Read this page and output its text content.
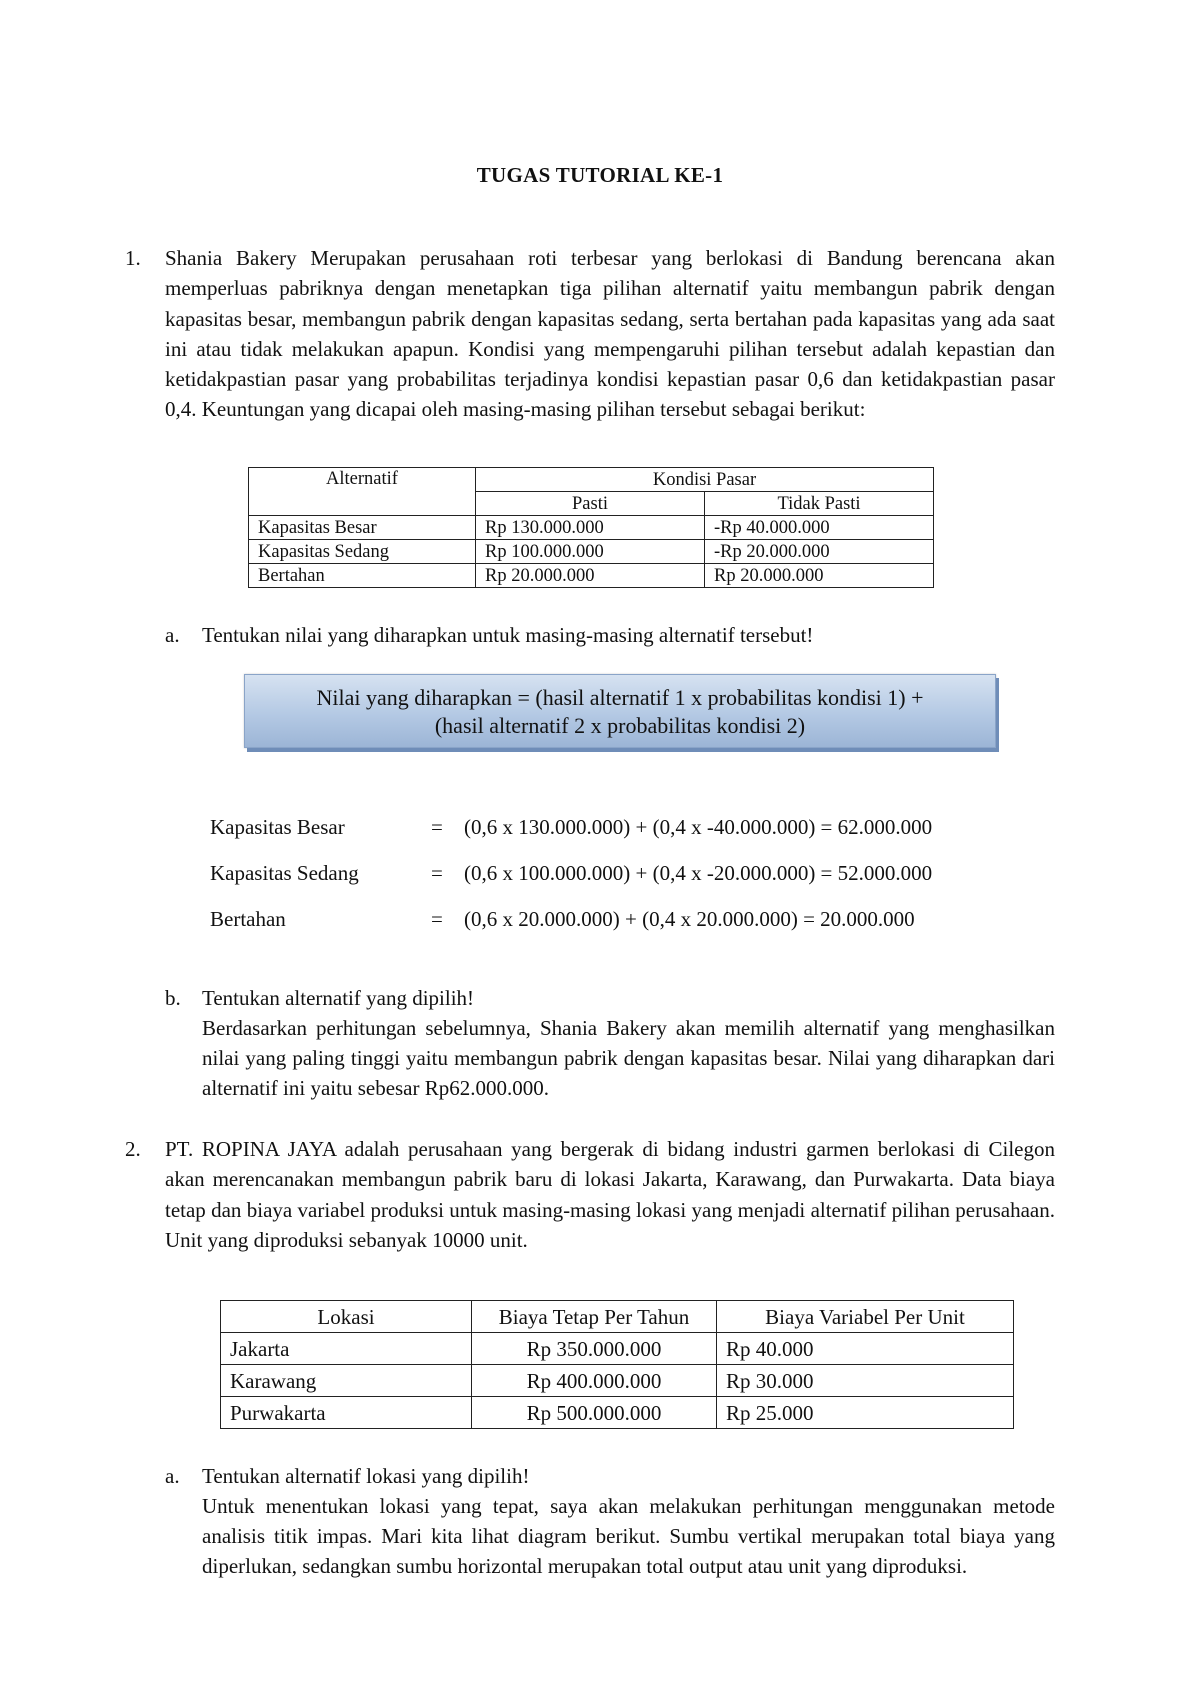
TUGAS TUTORIAL KE-1
1. Shania Bakery Merupakan perusahaan roti terbesar yang berlokasi di Bandung berencana akan memperluas pabriknya dengan menetapkan tiga pilihan alternatif yaitu membangun pabrik dengan kapasitas besar, membangun pabrik dengan kapasitas sedang, serta bertahan pada kapasitas yang ada saat ini atau tidak melakukan apapun. Kondisi yang mempengaruhi pilihan tersebut adalah kepastian dan ketidakpastian pasar yang probabilitas terjadinya kondisi kepastian pasar 0,6 dan ketidakpastian pasar 0,4. Keuntungan yang dicapai oleh masing-masing pilihan tersebut sebagai berikut:
Alternatif	Kondisi Pasar	
	Pasti	Tidak Pasti
Kapasitas Besar	Rp 130.000.000	-Rp 40.000.000
Kapasitas Sedang	Rp 100.000.000	-Rp 20.000.000
Bertahan	Rp 20.000.000	Rp 20.000.000
a. Tentukan nilai yang diharapkan untuk masing-masing alternatif tersebut!
Nilai yang diharapkan = (hasil alternatif 1 x probabilitas kondisi 1) +
(hasil alternatif 2 x probabilitas kondisi 2)
Kapasitas Besar	= (0,6 x 130.000.000) + (0,4 x -40.000.000) = 62.000.000
Kapasitas Sedang	= (0,6 x 100.000.000) + (0,4 x -20.000.000) = 52.000.000
Bertahan	= (0,6 x 20.000.000) + (0,4 x 20.000.000) = 20.000.000
b. Tentukan alternatif yang dipilih!
Berdasarkan perhitungan sebelumnya, Shania Bakery akan memilih alternatif yang menghasilkan nilai yang paling tinggi yaitu membangun pabrik dengan kapasitas besar. Nilai yang diharapkan dari alternatif ini yaitu sebesar Rp62.000.000.
2. PT. ROPINA JAYA adalah perusahaan yang bergerak di bidang industri garmen berlokasi di Cilegon akan merencanakan membangun pabrik baru di lokasi Jakarta, Karawang, dan Purwakarta. Data biaya tetap dan biaya variabel produksi untuk masing-masing lokasi yang menjadi alternatif pilihan perusahaan. Unit yang diproduksi sebanyak 10000 unit.
Lokasi	Biaya Tetap Per Tahun	Biaya Variabel Per Unit
Jakarta	Rp 350.000.000	Rp 40.000
Karawang	Rp 400.000.000	Rp 30.000
Purwakarta	Rp 500.000.000	Rp 25.000
a. Tentukan alternatif lokasi yang dipilih!
Untuk menentukan lokasi yang tepat, saya akan melakukan perhitungan menggunakan metode analisis titik impas. Mari kita lihat diagram berikut. Sumbu vertikal merupakan total biaya yang diperlukan, sedangkan sumbu horizontal merupakan total output atau unit yang diproduksi.
